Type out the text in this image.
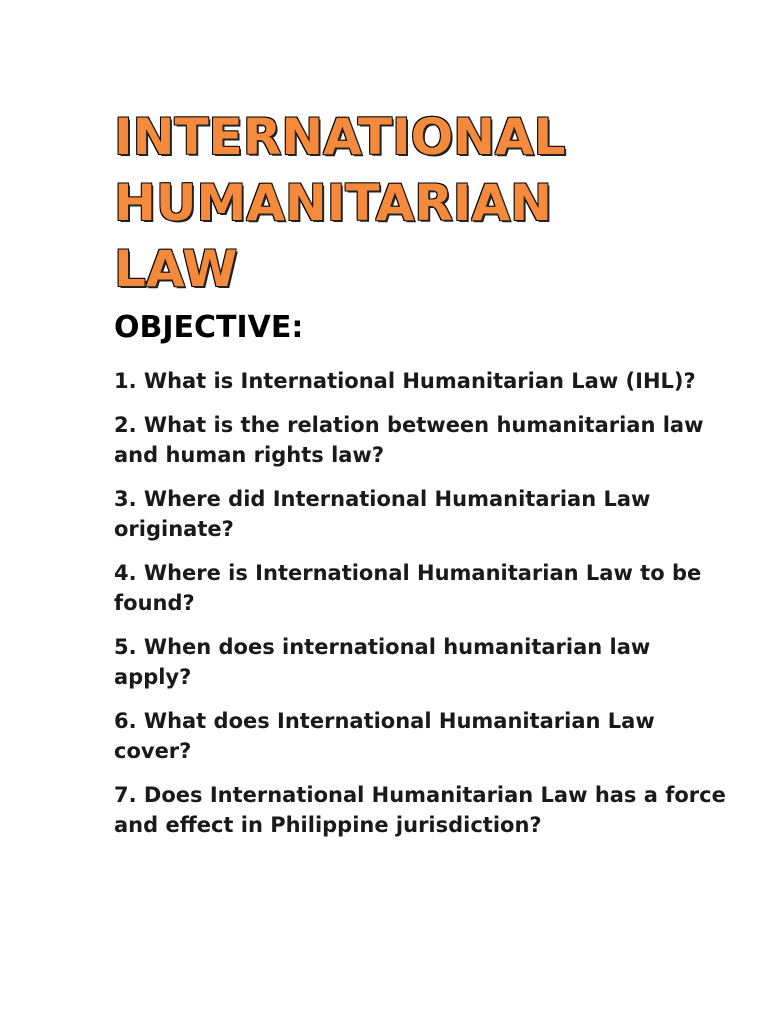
INTERNATIONAL
HUMANITARIAN
LAW
OBJECTIVE:
1. What is International Humanitarian Law (IHL)?
2. What is the relation between humanitarian law and human rights law?
3. Where did International Humanitarian Law originate?
4. Where is International Humanitarian Law to be found?
5. When does international humanitarian law apply?
6. What does International Humanitarian Law cover?
7. Does International Humanitarian Law has a force and effect in Philippine jurisdiction?
